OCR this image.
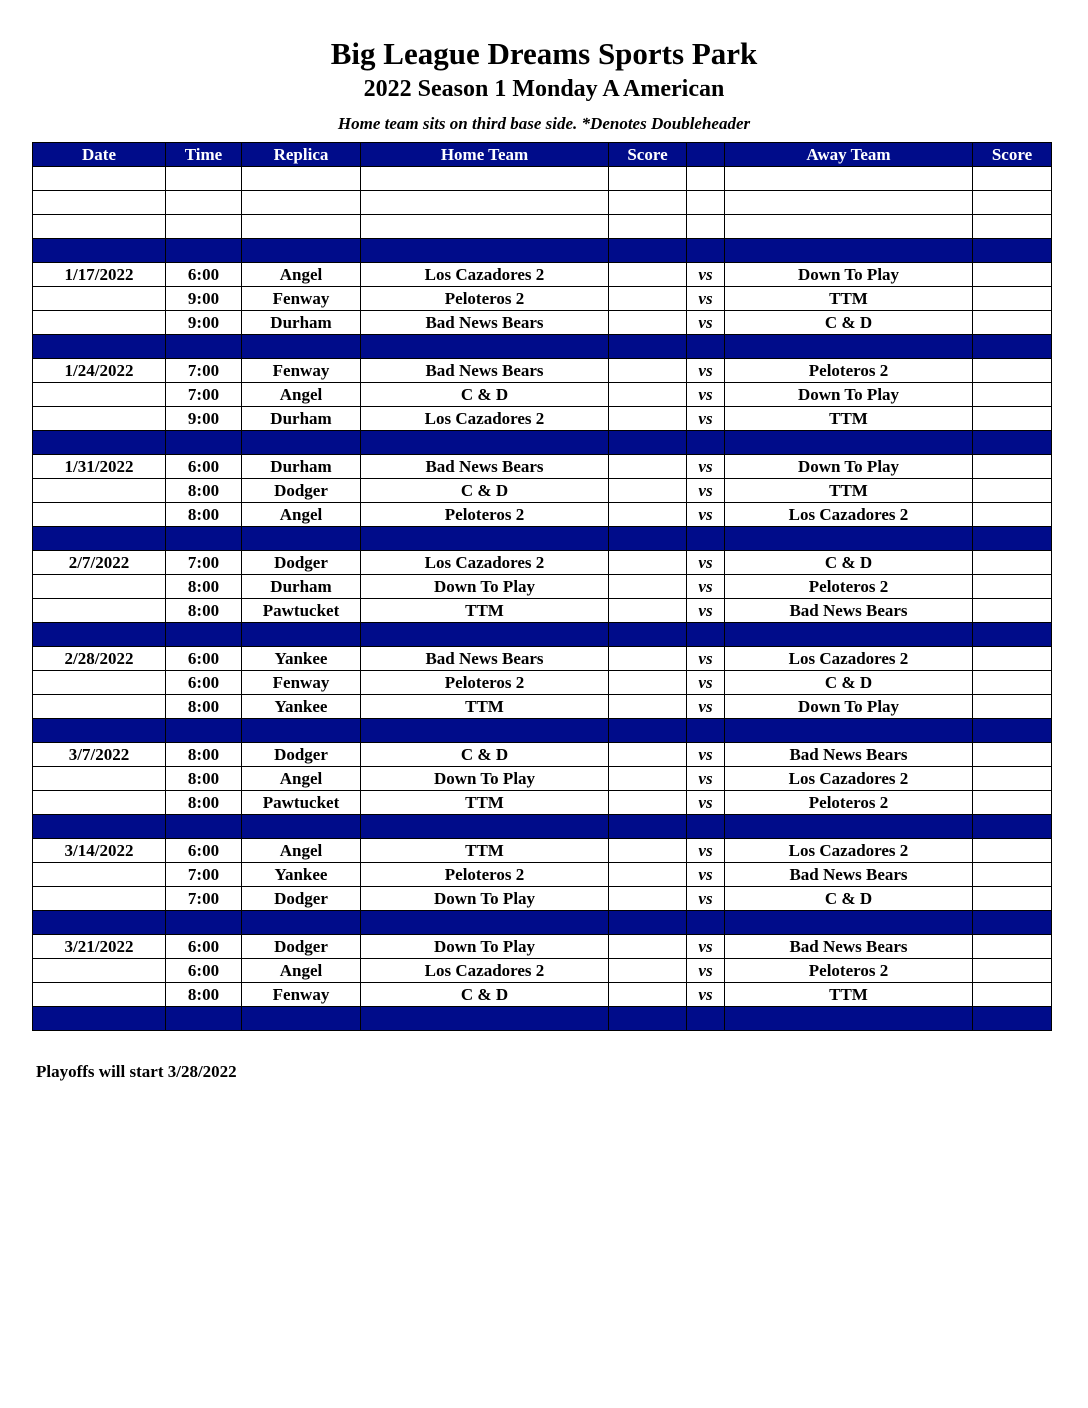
Big League Dreams Sports Park
2022 Season 1 Monday A American
Home team sits on third base side. *Denotes Doubleheader
Date	Time	Replica	Home Team	Score		Away Team	Score

1/17/2022	6:00	Angel	Los Cazadores 2		vs	Down To Play	
	9:00	Fenway	Peloteros 2		vs	TTM	
	9:00	Durham	Bad News Bears		vs	C & D	

1/24/2022	7:00	Fenway	Bad News Bears		vs	Peloteros 2	
	7:00	Angel	C & D		vs	Down To Play	
	9:00	Durham	Los Cazadores 2		vs	TTM	

1/31/2022	6:00	Durham	Bad News Bears		vs	Down To Play	
	8:00	Dodger	C & D		vs	TTM	
	8:00	Angel	Peloteros 2		vs	Los Cazadores 2	

2/7/2022	7:00	Dodger	Los Cazadores 2		vs	C & D	
	8:00	Durham	Down To Play		vs	Peloteros 2	
	8:00	Pawtucket	TTM		vs	Bad News Bears	

2/28/2022	6:00	Yankee	Bad News Bears		vs	Los Cazadores 2	
	6:00	Fenway	Peloteros 2		vs	C & D	
	8:00	Yankee	TTM		vs	Down To Play	

3/7/2022	8:00	Dodger	C & D		vs	Bad News Bears	
	8:00	Angel	Down To Play		vs	Los Cazadores 2	
	8:00	Pawtucket	TTM		vs	Peloteros 2	

3/14/2022	6:00	Angel	TTM		vs	Los Cazadores 2	
	7:00	Yankee	Peloteros 2		vs	Bad News Bears	
	7:00	Dodger	Down To Play		vs	C & D	

3/21/2022	6:00	Dodger	Down To Play		vs	Bad News Bears	
	6:00	Angel	Los Cazadores 2		vs	Peloteros 2	
	8:00	Fenway	C & D		vs	TTM	

Playoffs will start 3/28/2022
